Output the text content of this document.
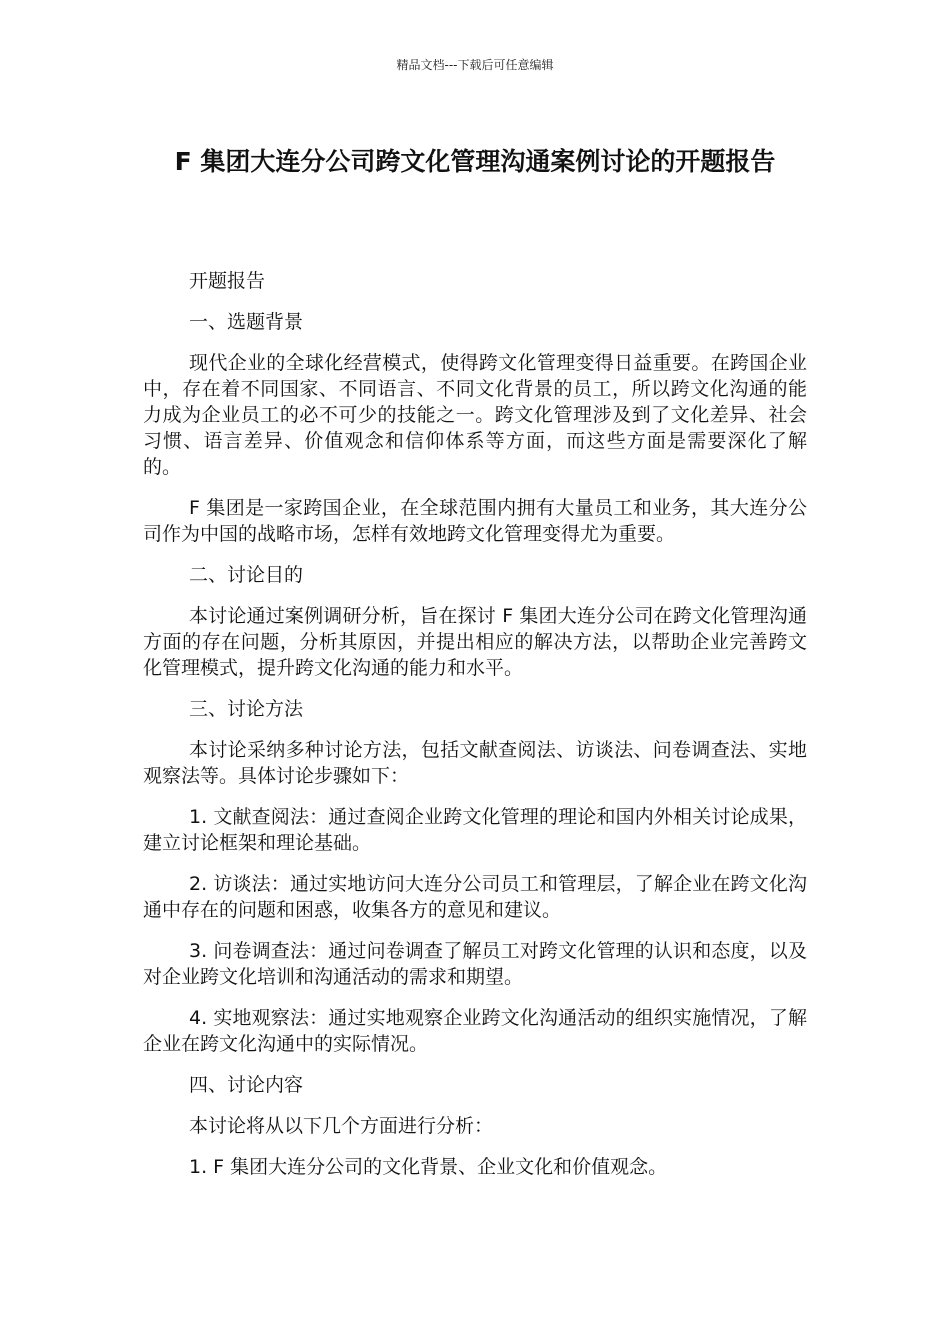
精品文档---下载后可任意编辑
F 集团大连分公司跨文化管理沟通案例讨论的开题报告

开题报告

一、选题背景

现代企业的全球化经营模式，使得跨文化管理变得日益重要。在跨国企业中，存在着不同国家、不同语言、不同文化背景的员工，所以跨文化沟通的能力成为企业员工的必不可少的技能之一。跨文化管理涉及到了文化差异、社会习惯、语言差异、价值观念和信仰体系等方面，而这些方面是需要深化了解的。

F 集团是一家跨国企业，在全球范围内拥有大量员工和业务，其大连分公司作为中国的战略市场，怎样有效地跨文化管理变得尤为重要。

二、讨论目的

本讨论通过案例调研分析，旨在探讨 F 集团大连分公司在跨文化管理沟通方面的存在问题，分析其原因，并提出相应的解决方法，以帮助企业完善跨文化管理模式，提升跨文化沟通的能力和水平。

三、讨论方法

本讨论采纳多种讨论方法，包括文献查阅法、访谈法、问卷调查法、实地观察法等。具体讨论步骤如下：

1. 文献查阅法：通过查阅企业跨文化管理的理论和国内外相关讨论成果，建立讨论框架和理论基础。

2. 访谈法：通过实地访问大连分公司员工和管理层，了解企业在跨文化沟通中存在的问题和困惑，收集各方的意见和建议。

3. 问卷调查法：通过问卷调查了解员工对跨文化管理的认识和态度，以及对企业跨文化培训和沟通活动的需求和期望。

4. 实地观察法：通过实地观察企业跨文化沟通活动的组织实施情况，了解企业在跨文化沟通中的实际情况。

四、讨论内容

本讨论将从以下几个方面进行分析：

1. F 集团大连分公司的文化背景、企业文化和价值观念。
